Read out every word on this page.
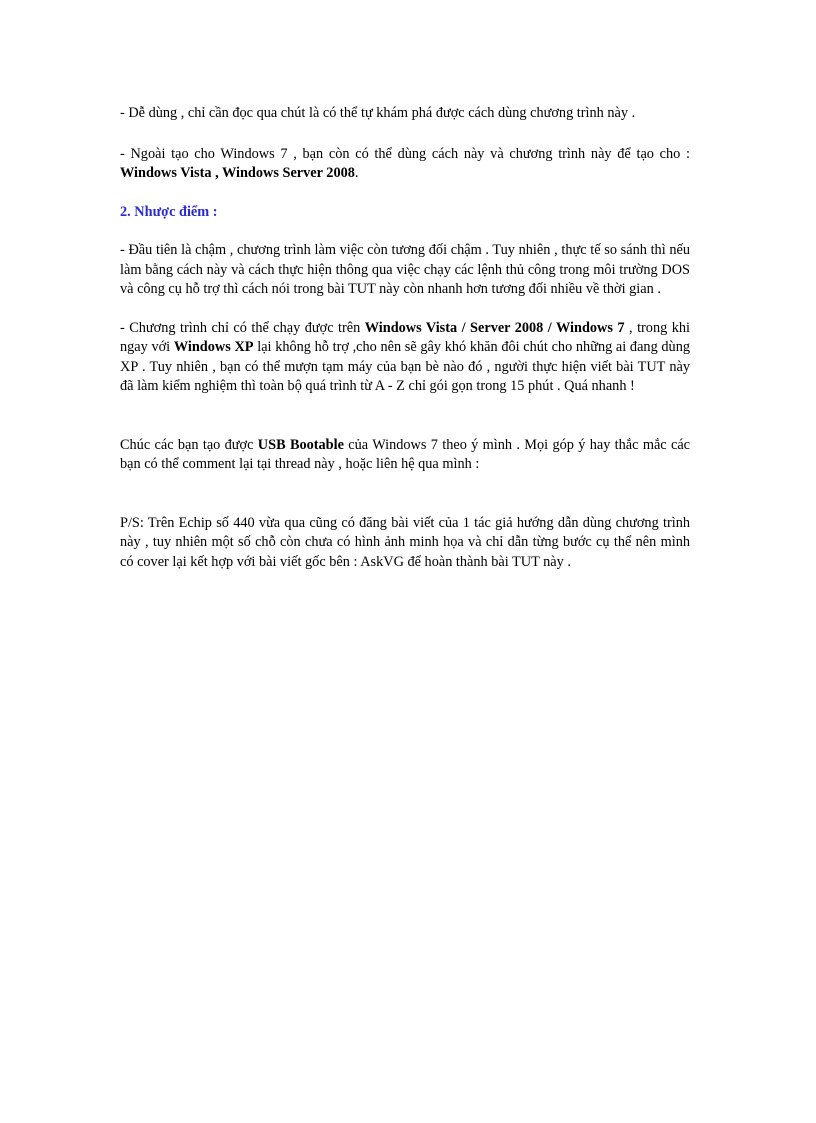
- Dễ dùng , chỉ cần đọc qua chút là có thể tự khám phá được cách dùng chương trình này .

- Ngoài tạo cho Windows 7 , bạn còn có thể dùng cách này và chương trình này để tạo cho : Windows Vista , Windows Server 2008.

2. Nhược điểm :

- Đầu tiên là chậm , chương trình làm việc còn tương đối chậm . Tuy nhiên , thực tế so sánh thì nếu làm bằng cách này và cách thực hiện thông qua việc chạy các lệnh thủ công trong môi trường DOS và công cụ hỗ trợ thì cách nói trong bài TUT này còn nhanh hơn tương đối nhiều về thời gian .

- Chương trình chỉ có thể chạy được trên Windows Vista / Server 2008 / Windows 7 , trong khi ngay với Windows XP lại không hỗ trợ ,cho nên sẽ gây khó khăn đôi chút cho những ai đang dùng XP . Tuy nhiên , bạn có thể mượn tạm máy của bạn bè nào đó , người thực hiện viết bài TUT này đã làm kiểm nghiệm thì toàn bộ quá trình từ A - Z chỉ gói gọn trong 15 phút . Quá nhanh !

Chúc các bạn tạo được USB Bootable của Windows 7 theo ý mình . Mọi góp ý hay thắc mắc các bạn có thể comment lại tại thread này , hoặc liên hệ qua mình :

P/S: Trên Echip số 440 vừa qua cũng có đăng bài viết của 1 tác giả hướng dẫn dùng chương trình này , tuy nhiên một số chỗ còn chưa có hình ảnh minh họa và chỉ dẫn từng bước cụ thể nên mình có cover lại kết hợp với bài viết gốc bên : AskVG để hoàn thành bài TUT này .
